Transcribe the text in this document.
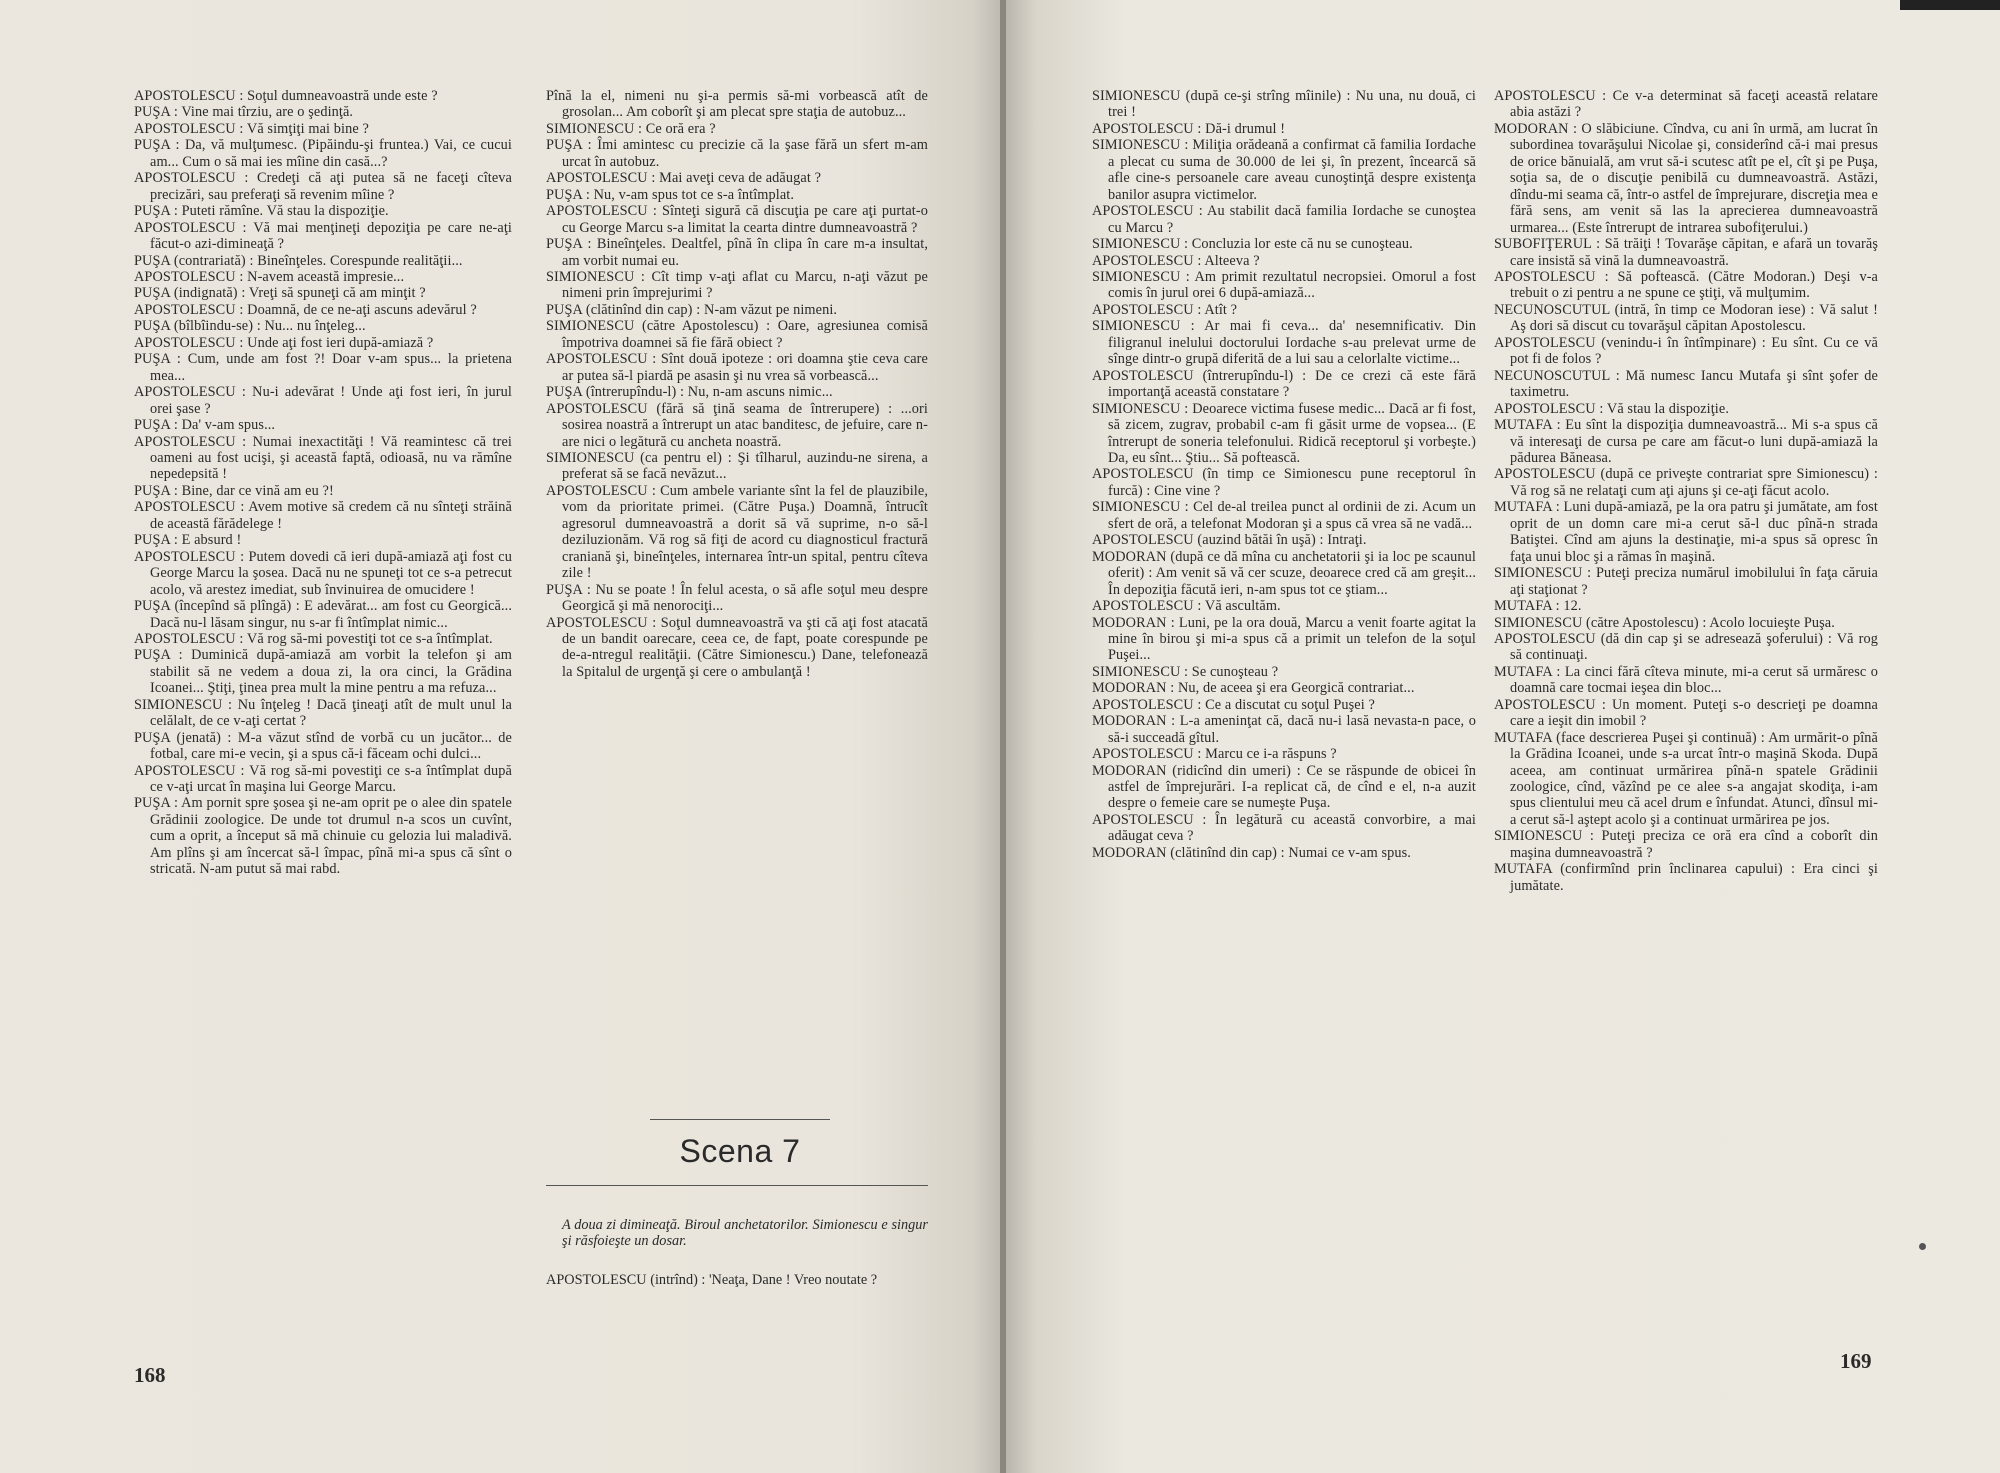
APOSTOLESCU : Soţul dumneavoastră unde este ?

PUŞA : Vine mai tîrziu, are o şedinţă.

APOSTOLESCU : Vă simţiţi mai bine ?

PUŞA : Da, vă mulţumesc. (Pipăindu-şi fruntea.) Vai, ce cucui am... Cum o să mai ies mîine din casă...?

APOSTOLESCU : Credeţi că aţi putea să ne faceţi cîteva precizări, sau preferaţi să revenim mîine ?

PUŞA : Puteti rămîne. Vă stau la dispoziţie.

APOSTOLESCU : Vă mai menţineţi depoziţia pe care ne-aţi făcut-o azi-dimineaţă ?

PUŞA (contrariată) : Bineînţeles. Corespunde realităţii...

APOSTOLESCU : N-avem această impresie...

PUŞA (indignată) : Vreţi să spuneţi că am minţit ?

APOSTOLESCU : Doamnă, de ce ne-aţi ascuns adevărul ?

PUŞA (bîlbîindu-se) : Nu... nu înţeleg...

APOSTOLESCU : Unde aţi fost ieri după-amiază ?

PUŞA : Cum, unde am fost ?! Doar v-am spus... la prietena mea...

APOSTOLESCU : Nu-i adevărat ! Unde aţi fost ieri, în jurul orei şase ?

PUŞA : Da' v-am spus...

APOSTOLESCU : Numai inexactităţi ! Vă reamintesc că trei oameni au fost ucişi, şi această faptă, odioasă, nu va rămîne nepedepsită !

PUŞA : Bine, dar ce vină am eu ?!

APOSTOLESCU : Avem motive să credem că nu sînteţi străină de această fărădelege !

PUŞA : E absurd !

APOSTOLESCU : Putem dovedi că ieri după-amiază aţi fost cu George Marcu la şosea. Dacă nu ne spuneţi tot ce s-a petrecut acolo, vă arestez imediat, sub învinuirea de omucidere !

PUŞA (începînd să plîngă) : E adevărat... am fost cu Georgică... Dacă nu-l lăsam singur, nu s-ar fi întîmplat nimic...

APOSTOLESCU : Vă rog să-mi povestiţi tot ce s-a întîmplat.

PUŞA : Duminică după-amiază am vorbit la telefon şi am stabilit să ne vedem a doua zi, la ora cinci, la Grădina Icoanei... Ştiţi, ţinea prea mult la mine pentru a ma refuza...

SIMIONESCU : Nu înţeleg ! Dacă ţineaţi atît de mult unul la celălalt, de ce v-aţi certat ?

PUŞA (jenată) : M-a văzut stînd de vorbă cu un jucător... de fotbal, care mi-e vecin, şi a spus că-i făceam ochi dulci...

APOSTOLESCU : Vă rog să-mi povestiţi ce s-a întîmplat după ce v-aţi urcat în maşina lui George Marcu.

PUŞA : Am pornit spre şosea şi ne-am oprit pe o alee din spatele Grădinii zoologice. De unde tot drumul n-a scos un cuvînt, cum a oprit, a început să mă chinuie cu gelozia lui maladivă. Am plîns şi am încercat să-l împac, pînă mi-a spus că sînt o stricată. N-am putut să mai rabd.

Pînă la el, nimeni nu şi-a permis să-mi vorbească atît de grosolan... Am coborît şi am plecat spre staţia de autobuz...

SIMIONESCU : Ce oră era ?

PUŞA : Îmi amintesc cu precizie că la şase fără un sfert m-am urcat în autobuz.

APOSTOLESCU : Mai aveţi ceva de adăugat ?

PUŞA : Nu, v-am spus tot ce s-a întîmplat.

APOSTOLESCU : Sînteţi sigură că discuţia pe care aţi purtat-o cu George Marcu s-a limitat la cearta dintre dumneavoastră ?

PUŞA : Bineînţeles. Dealtfel, pînă în clipa în care m-a insultat, am vorbit numai eu.

SIMIONESCU : Cît timp v-aţi aflat cu Marcu, n-aţi văzut pe nimeni prin împrejurimi ?

PUŞA (clătinînd din cap) : N-am văzut pe nimeni.

SIMIONESCU (către Apostolescu) : Oare, agresiunea comisă împotriva doamnei să fie fără obiect ?

APOSTOLESCU : Sînt două ipoteze : ori doamna ştie ceva care ar putea să-l piardă pe asasin şi nu vrea să vorbească...

PUŞA (întrerupîndu-l) : Nu, n-am ascuns nimic...

APOSTOLESCU (fără să ţină seama de întrerupere) : ...ori sosirea noastră a întrerupt un atac banditesc, de jefuire, care n-are nici o legătură cu ancheta noastră.

SIMIONESCU (ca pentru el) : Şi tîlharul, auzindu-ne sirena, a preferat să se facă nevăzut...

APOSTOLESCU : Cum ambele variante sînt la fel de plauzibile, vom da prioritate primei. (Către Puşa.) Doamnă, întrucît agresorul dumneavoastră a dorit să vă suprime, n-o să-l deziluzionăm. Vă rog să fiţi de acord cu diagnosticul fractură craniană şi, bineînţeles, internarea într-un spital, pentru cîteva zile !

PUŞA : Nu se poate ! În felul acesta, o să afle soţul meu despre Georgică şi mă nenorociţi...

APOSTOLESCU : Soţul dumneavoastră va şti că aţi fost atacată de un bandit oarecare, ceea ce, de fapt, poate corespunde pe de-a-ntregul realităţii. (Către Simionescu.) Dane, telefonează la Spitalul de urgenţă şi cere o ambulanţă !

Scena 7

A doua zi dimineaţă. Biroul anchetatorilor. Simionescu e singur şi răsfoieşte un dosar.

APOSTOLESCU (intrînd) : 'Neaţa, Dane ! Vreo noutate ?

168

SIMIONESCU (după ce-şi strîng mîinile) : Nu una, nu două, ci trei !

APOSTOLESCU : Dă-i drumul !

SIMIONESCU : Miliţia orădeană a confirmat că familia Iordache a plecat cu suma de 30.000 de lei şi, în prezent, încearcă să afle cine-s persoanele care aveau cunoştinţă despre existenţa banilor asupra victimelor.

APOSTOLESCU : Au stabilit dacă familia Iordache se cunoştea cu Marcu ?

SIMIONESCU : Concluzia lor este că nu se cunoşteau.

APOSTOLESCU : Alteeva ?

SIMIONESCU : Am primit rezultatul necropsiei. Omorul a fost comis în jurul orei 6 după-amiază...

APOSTOLESCU : Atît ?

SIMIONESCU : Ar mai fi ceva... da' nesemnificativ. Din filigranul inelului doctorului Iordache s-au prelevat urme de sînge dintr-o grupă diferită de a lui sau a celorlalte victime...

APOSTOLESCU (întrerupîndu-l) : De ce crezi că este fără importanţă această constatare ?

SIMIONESCU : Deoarece victima fusese medic... Dacă ar fi fost, să zicem, zugrav, probabil c-am fi găsit urme de vopsea... (E întrerupt de soneria telefonului. Ridică receptorul şi vorbeşte.) Da, eu sînt... Ştiu... Să poftească.

APOSTOLESCU (în timp ce Simionescu pune receptorul în furcă) : Cine vine ?

SIMIONESCU : Cel de-al treilea punct al ordinii de zi. Acum un sfert de oră, a telefonat Modoran şi a spus că vrea să ne vadă...

APOSTOLESCU (auzind bătăi în uşă) : Intraţi.

MODORAN (după ce dă mîna cu anchetatorii şi ia loc pe scaunul oferit) : Am venit să vă cer scuze, deoarece cred că am greşit... În depoziţia făcută ieri, n-am spus tot ce ştiam...

APOSTOLESCU : Vă ascultăm.

MODORAN : Luni, pe la ora două, Marcu a venit foarte agitat la mine în birou şi mi-a spus că a primit un telefon de la soţul Puşei...

SIMIONESCU : Se cunoşteau ?

MODORAN : Nu, de aceea şi era Georgică contrariat...

APOSTOLESCU : Ce a discutat cu soţul Puşei ?

MODORAN : L-a ameninţat că, dacă nu-i lasă nevasta-n pace, o să-i succeadă gîtul.

APOSTOLESCU : Marcu ce i-a răspuns ?

MODORAN (ridicînd din umeri) : Ce se răspunde de obicei în astfel de împrejurări. I-a replicat că, de cînd e el, n-a auzit despre o femeie care se numeşte Puşa.

APOSTOLESCU : În legătură cu această convorbire, a mai adăugat ceva ?

MODORAN (clătinînd din cap) : Numai ce v-am spus.

APOSTOLESCU : Ce v-a determinat să faceţi această relatare abia astăzi ?

MODORAN : O slăbiciune. Cîndva, cu ani în urmă, am lucrat în subordinea tovarăşului Nicolae şi, considerînd că-i mai presus de orice bănuială, am vrut să-i scutesc atît pe el, cît şi pe Puşa, soţia sa, de o discuţie penibilă cu dumneavoastră. Astăzi, dîndu-mi seama că, într-o astfel de împrejurare, discreţia mea e fără sens, am venit să las la aprecierea dumneavoastră urmarea... (Este întrerupt de intrarea subofiţerului.)

SUBOFIŢERUL : Să trăiţi ! Tovarăşe căpitan, e afară un tovarăş care insistă să vină la dumneavoastră.

APOSTOLESCU : Să poftească. (Către Modoran.) Deşi v-a trebuit o zi pentru a ne spune ce ştiţi, vă mulţumim.

NECUNOSCUTUL (intră, în timp ce Modoran iese) : Vă salut ! Aş dori să discut cu tovarăşul căpitan Apostolescu.

APOSTOLESCU (venindu-i în întîmpinare) : Eu sînt. Cu ce vă pot fi de folos ?

NECUNOSCUTUL : Mă numesc Iancu Mutafa şi sînt şofer de taximetru.

APOSTOLESCU : Vă stau la dispoziţie.

MUTAFA : Eu sînt la dispoziţia dumneavoastră... Mi s-a spus că vă interesaţi de cursa pe care am făcut-o luni după-amiază la pădurea Băneasa.

APOSTOLESCU (după ce priveşte contrariat spre Simionescu) : Vă rog să ne relataţi cum aţi ajuns şi ce-aţi făcut acolo.

MUTAFA : Luni după-amiază, pe la ora patru şi jumătate, am fost oprit de un domn care mi-a cerut să-l duc pînă-n strada Batiştei. Cînd am ajuns la destinaţie, mi-a spus să opresc în faţa unui bloc şi a rămas în maşină.

SIMIONESCU : Puteţi preciza numărul imobilului în faţa căruia aţi staţionat ?

MUTAFA : 12.

SIMIONESCU (către Apostolescu) : Acolo locuieşte Puşa.

APOSTOLESCU (dă din cap şi se adresează şoferului) : Vă rog să continuaţi.

MUTAFA : La cinci fără cîteva minute, mi-a cerut să urmăresc o doamnă care tocmai ieşea din bloc...

APOSTOLESCU : Un moment. Puteţi s-o descrieţi pe doamna care a ieşit din imobil ?

MUTAFA (face descrierea Puşei şi continuă) : Am urmărit-o pînă la Grădina Icoanei, unde s-a urcat într-o maşină Skoda. După aceea, am continuat urmărirea pînă-n spatele Grădinii zoologice, cînd, văzînd pe ce alee s-a angajat skodiţa, i-am spus clientului meu că acel drum e înfundat. Atunci, dînsul mi-a cerut să-l aştept acolo şi a continuat urmărirea pe jos.

SIMIONESCU : Puteţi preciza ce oră era cînd a coborît din maşina dumneavoastră ?

MUTAFA (confirmînd prin înclinarea capului) : Era cinci şi jumătate.

169
